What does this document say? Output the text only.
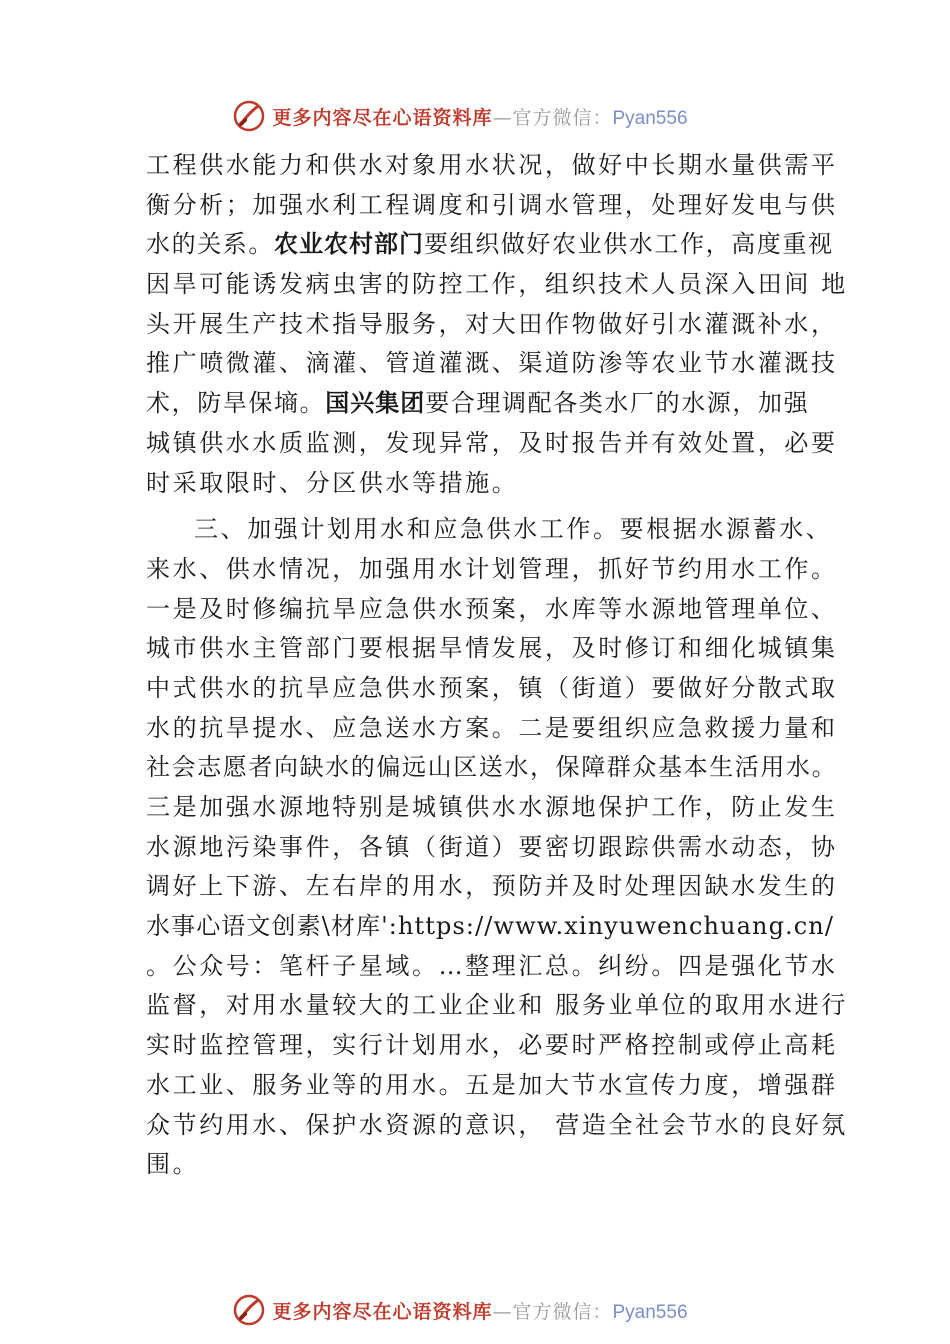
更多内容尽在心语资料库—官方微信：Pyan556
工程供水能力和供水对象用水状况，做好中长期水量供需平
衡分析；加强水利工程调度和引调水管理，处理好发电与供
水的关系。农业农村部门要组织做好农业供水工作，高度重视
因旱可能诱发病虫害的防控工作，组织技术人员深入田间 地
头开展生产技术指导服务，对大田作物做好引水灌溉补水，
推广喷微灌、滴灌、管道灌溉、渠道防渗等农业节水灌溉技
术，防旱保墒。国兴集团要合理调配各类水厂的水源，加强
城镇供水水质监测，发现异常，及时报告并有效处置，必要
时采取限时、分区供水等措施。
三、加强计划用水和应急供水工作。要根据水源蓄水、
来水、供水情况，加强用水计划管理，抓好节约用水工作。
一是及时修编抗旱应急供水预案，水库等水源地管理单位、
城市供水主管部门要根据旱情发展，及时修订和细化城镇集
中式供水的抗旱应急供水预案，镇（街道）要做好分散式取
水的抗旱提水、应急送水方案。二是要组织应急救援力量和
社会志愿者向缺水的偏远山区送水，保障群众基本生活用水。
三是加强水源地特别是城镇供水水源地保护工作，防止发生
水源地污染事件，各镇（街道）要密切跟踪供需水动态，协
调好上下游、左右岸的用水，预防并及时处理因缺水发生的
水事心语文创素\材库':https://www.xinyuwenchuang.cn/
。公众号：笔杆子星域。…整理汇总。纠纷。四是强化节水
监督，对用水量较大的工业企业和 服务业单位的取用水进行
实时监控管理，实行计划用水，必要时严格控制或停止高耗
水工业、服务业等的用水。五是加大节水宣传力度，增强群
众节约用水、保护水资源的意识， 营造全社会节水的良好氛
围。
更多内容尽在心语资料库—官方微信：Pyan556
